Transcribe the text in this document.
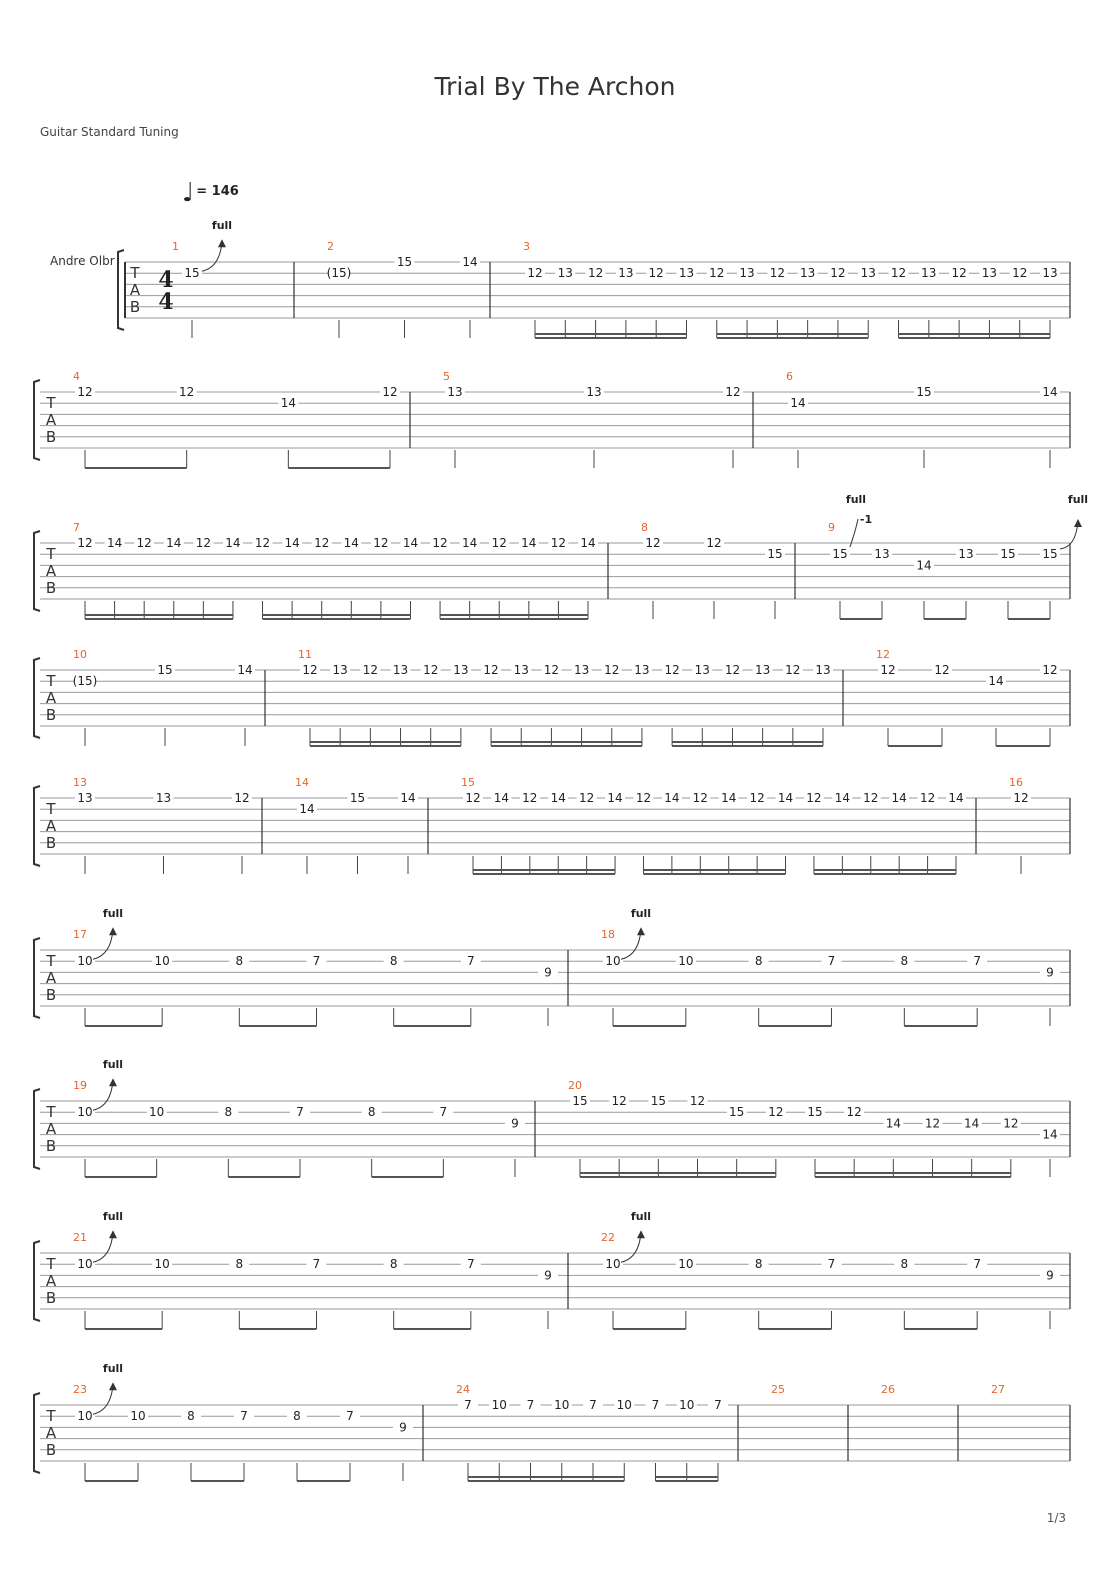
Trial By The Archon
Guitar Standard Tuning
♩ = 146
Andre Olbr
1/3
T
A
B
4
4
1
15
full
2
(15)
15	14
3
12 13 12 13 12 13 12 13 12 13 12 13 12 13 12 13 12 13
T
A
B
4
12	12
14
12
5
13	13	12
6
14
15	14
T
A
B
7
12 14 12 14 12 14 12 14 12 14 12 14 12 14 12 14 12 14
8
12	12
15
9
15 13
14
13 15 15
full
-1
full
T
A
B
10
(15)
15	14
11
12 13 12 13 12 13 12 13 12 13 12 13 12 13 12 13 12 13
12
12	12
14
12
T
A
B
13
13	13	12
14
14
15	14
15
12 14 12 14 12 14 12 14 12 14 12 14 12 14 12 14 12 14
16
12
T
A
B
17
10	10	8	7	8	7
9
full
18
10	10	8	7	8	7
9
full
T
A
B
19
10	10	8	7	8	7
9
full
20
15 12 15 12
15 12 15 12
14 12 14 12
14
T
A
B
21
10	10	8	7	8	7
9
full
22
10	10	8	7	8	7
9
full
T
A
B
23
10	10	8	7	8	7
9
full
24
7 10 7 10 7 10 7 10 7
25	26	27
